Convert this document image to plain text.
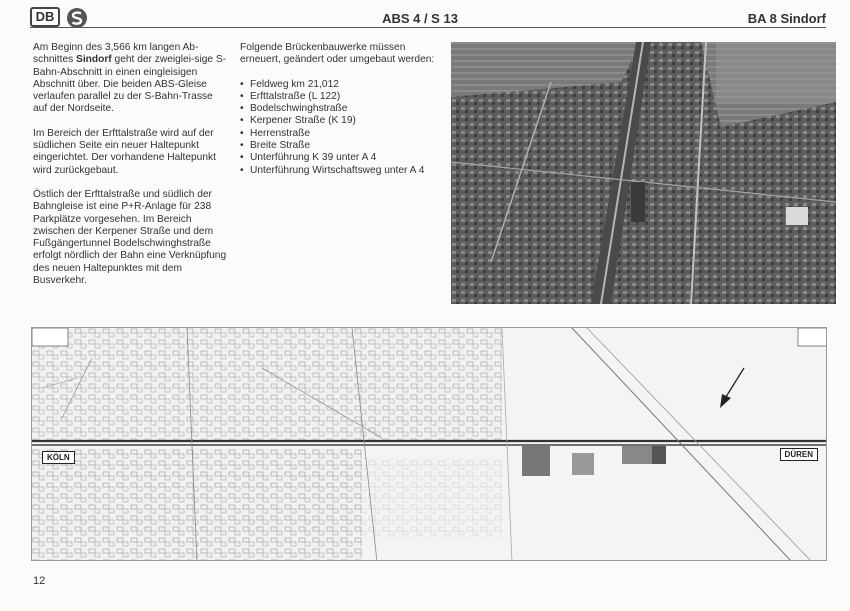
DB	ABS 4 / S 13	BA 8 Sindorf

Am Beginn des 3,566 km langen Ab-schnittes Sindorf geht der zweiglei-sige S-Bahn-Abschnitt in einen eingleisigen Abschnitt über. Die beiden ABS-Gleise verlaufen parallel zu der S-Bahn-Trasse auf der Nordseite.

Im Bereich der Erfttalstraße wird auf der südlichen Seite ein neuer Haltepunkt eingerichtet. Der vorhandene Haltepunkt wird zurückgebaut.

Östlich der Erfttalstraße und südlich der Bahngleise ist eine P+R-Anlage für 238 Parkplätze vorgesehen. Im Bereich zwischen der Kerpener Straße und dem Fußgängertunnel Bodelschwinghstraße erfolgt nördlich der Bahn eine Verknüpfung des neuen Haltepunktes mit dem Busverkehr.

Folgende Brückenbauwerke müssen erneuert, geändert oder umgebaut werden:

• Feldweg km 21,012
• Erfttalstraße (L 122)
• Bodelschwinghstraße
• Kerpener Straße (K 19)
• Herrenstraße
• Breite Straße
• Unterführung K 39 unter A 4
• Unterführung Wirtschaftsweg unter A 4
KÖLN	DÜREN
12
